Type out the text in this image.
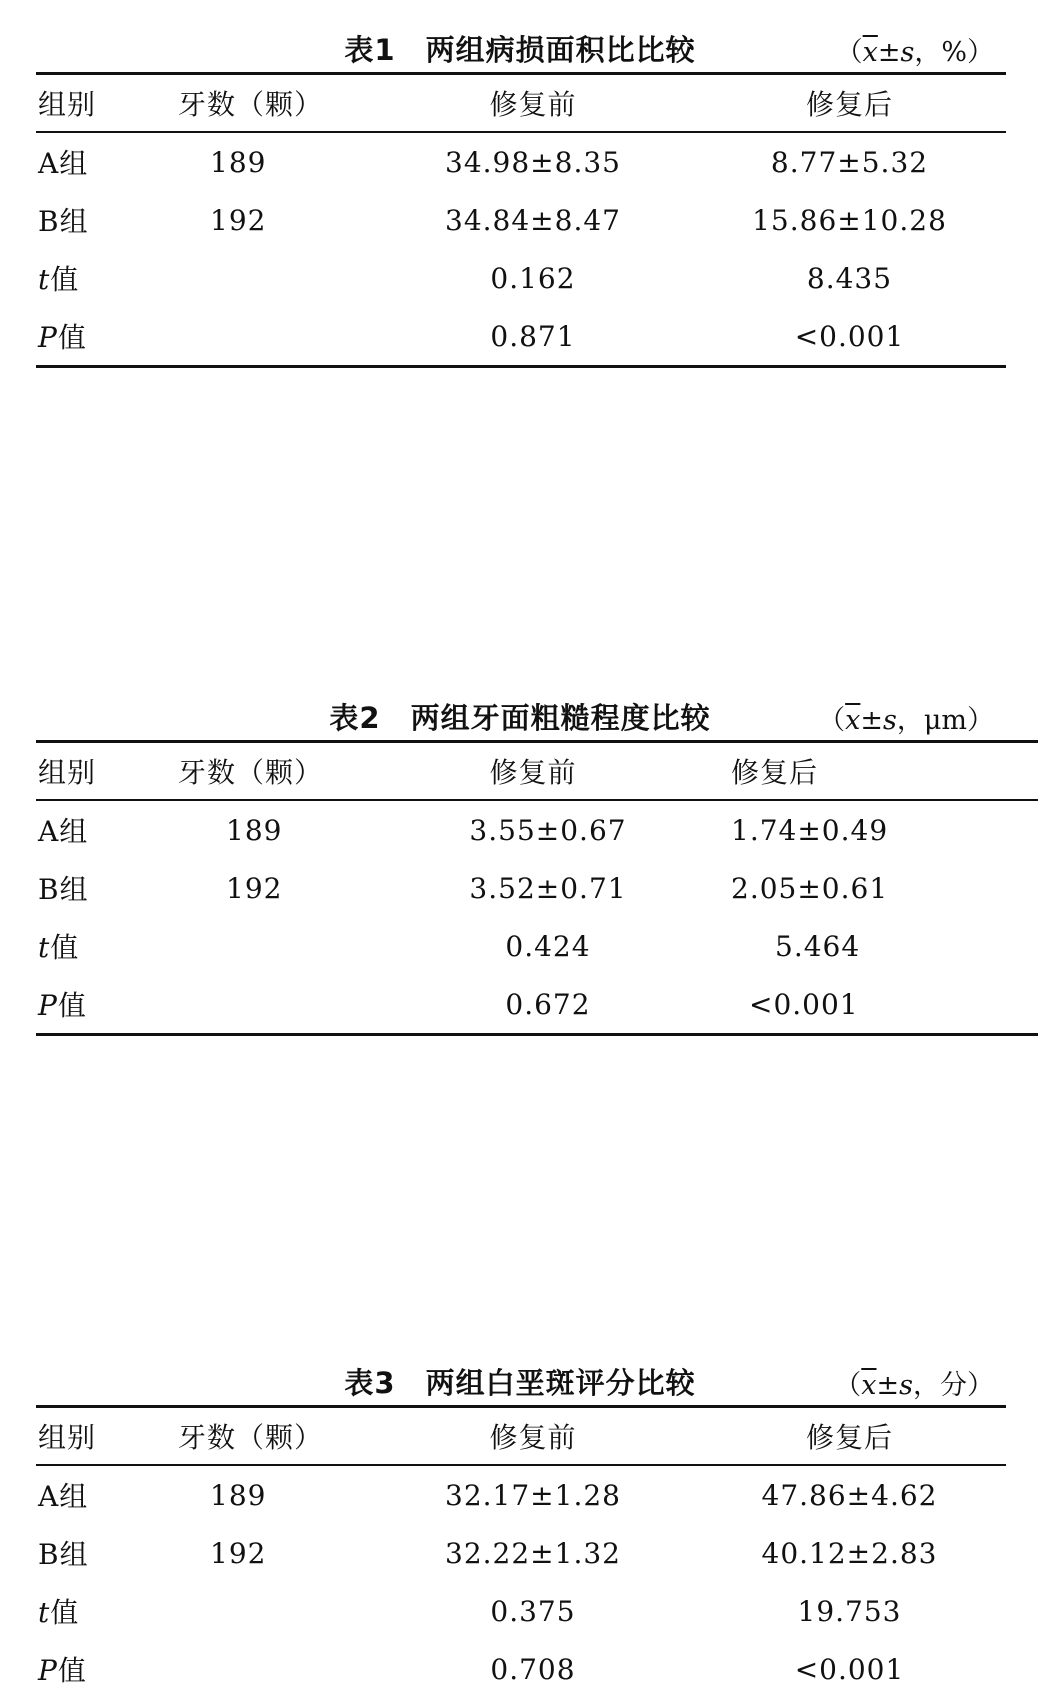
表1 两组病损面积比比较	（$\overline{x}\pm s$，%）
组别	牙数（颗）	修复前	修复后
A组	189	34.98±8.35	8.77±5.32
B组	192	34.84±8.47	15.86±10.28
t值		0.162	8.435
P值		0.871	<0.001
表2 两组牙面粗糙程度比较	（$\overline{x}\pm s$，μm）
组别	牙数（颗）	修复前	修复后
A组	189	3.55±0.67	1.74±0.49
B组	192	3.52±0.71	2.05±0.61
t值		0.424	5.464
P值		0.672	<0.001
表3 两组白垩斑评分比较	（$\overline{x}\pm s$，分）
组别	牙数（颗）	修复前	修复后
A组	189	32.17±1.28	47.86±4.62
B组	192	32.22±1.32	40.12±2.83
t值		0.375	19.753
P值		0.708	<0.001
